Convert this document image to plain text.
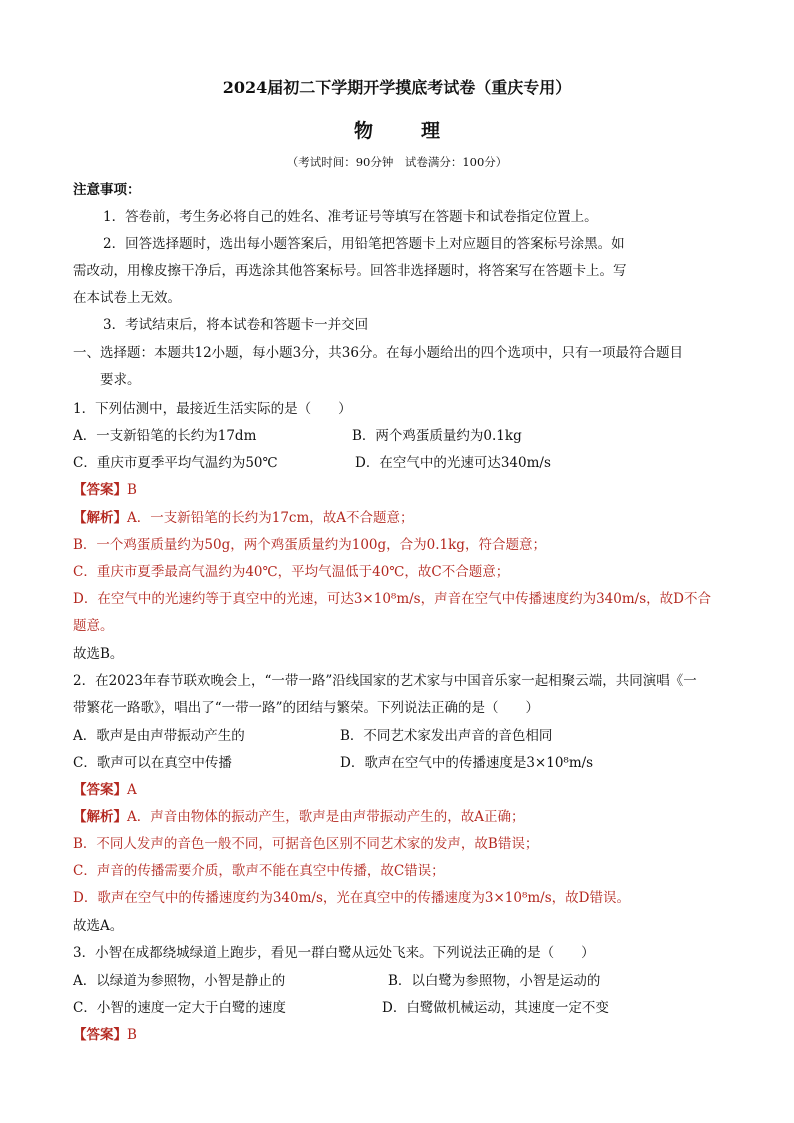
2024届初二下学期开学摸底考试卷（重庆专用）
物	理
（考试时间：90分钟　试卷满分：100分）
注意事项：
1．答卷前，考生务必将自己的姓名、准考证号等填写在答题卡和试卷指定位置上。
2．回答选择题时，选出每小题答案后，用铅笔把答题卡上对应题目的答案标号涂黑。如
需改动，用橡皮擦干净后，再选涂其他答案标号。回答非选择题时，将答案写在答题卡上。写
在本试卷上无效。
3．考试结束后，将本试卷和答题卡一并交回
一、选择题：本题共12小题，每小题3分，共36分。在每小题给出的四个选项中，只有一项最符合题目
要求。
1．下列估测中，最接近生活实际的是（　　）
A．一支新铅笔的长约为17dm	B．两个鸡蛋质量约为0.1kg
C．重庆市夏季平均气温约为50℃	D．在空气中的光速可达340m/s
【答案】B
【解析】A．一支新铅笔的长约为17cm，故A不合题意；
B．一个鸡蛋质量约为50g，两个鸡蛋质量约为100g，合为0.1kg，符合题意；
C．重庆市夏季最高气温约为40℃，平均气温低于40℃，故C不合题意；
D．在空气中的光速约等于真空中的光速，可达3×10⁸m/s，声音在空气中传播速度约为340m/s，故D不合
题意。
故选B。
2．在2023年春节联欢晚会上，“一带一路”沿线国家的艺术家与中国音乐家一起相聚云端，共同演唱《一
带繁花一路歌》，唱出了“一带一路”的团结与繁荣。下列说法正确的是（　　）
A．歌声是由声带振动产生的	B．不同艺术家发出声音的音色相同
C．歌声可以在真空中传播	D．歌声在空气中的传播速度是3×10⁸m/s
【答案】A
【解析】A．声音由物体的振动产生，歌声是由声带振动产生的，故A正确；
B．不同人发声的音色一般不同，可据音色区别不同艺术家的发声，故B错误；
C．声音的传播需要介质，歌声不能在真空中传播，故C错误；
D．歌声在空气中的传播速度约为340m/s，光在真空中的传播速度为3×10⁸m/s，故D错误。
故选A。
3．小智在成都绕城绿道上跑步，看见一群白鹭从远处飞来。下列说法正确的是（　　）
A．以绿道为参照物，小智是静止的	B．以白鹭为参照物，小智是运动的
C．小智的速度一定大于白鹭的速度	D．白鹭做机械运动，其速度一定不变
【答案】B
